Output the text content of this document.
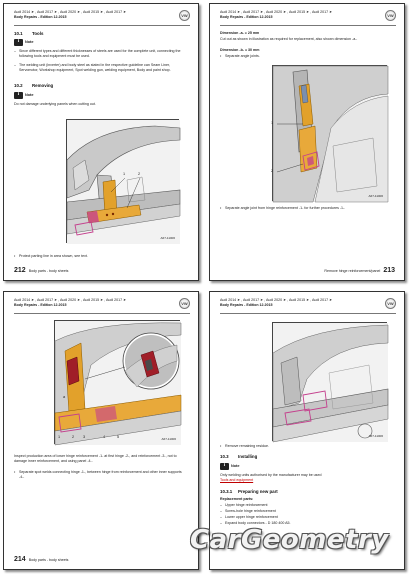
Audi 2014 ➤ , Audi 2017 ➤ , Audi 2020 ➤ , Audi 2015 ➤ , Audi 2017 ➤
Body Repairs - Edition 12.2015
VW
10.1 Tools
i
Note
– Since different types and different thicknesses of steels are used for the complete unit, connecting the following tools and equipment must be used.
– The welding unit (inverter) and body steel as stated in the respective guideline can Seam Liner, Servomotor, Workshop equipment, Spot welding gun, welding equipment, Body and paint shop.
10.2 Removing
i
Note
Do not damage underlying panels when cutting out.
1	2
A67-11006
• Protect parting line in area shown, see text.
212 Body parts - body sheets
Audi 2014 ➤ , Audi 2017 ➤ , Audi 2020 ➤ , Audi 2015 ➤ , Audi 2017 ➤
Body Repairs - Edition 12.2015
VW
Dimension -a- = 25 mm
Cut out as shown in illustration as required for replacement, also shown dimension -a-.
Dimension -b- = 30 mm
• Separate angle joints.
1
2
A67-11006
• Separate angle joint from hinge reinforcement -1- for further procedures -1-.
Remove hinge reinforcement/panel 213
Audi 2014 ➤ , Audi 2017 ➤ , Audi 2020 ➤ , Audi 2015 ➤ , Audi 2017 ➤
Body Repairs - Edition 12.2015
VW
1	2 3	4	5
a
A67-11006
Inspect production area of lower hinge reinforcement -1- at first hinge -2-, and reinforcement -3-, not to damage inner reinforcement, and using panel -4-.
• Separate spot welds connecting hinge -1-, between hinge from reinforcement and other inner supports -4-.
214 Body parts - body sheets
Audi 2014 ➤ , Audi 2017 ➤ , Audi 2020 ➤ , Audi 2015 ➤ , Audi 2017 ➤
Body Repairs - Edition 12.2015
VW
A67-11006
• Remove remaining residue.
10.3 Installing
i
Note
Only welding units authorised by the manufacturer may be used
Tools and equipment
10.3.1 Preparing new part
Replacement parts:
– Upper hinge reinforcement
– Screw-hole hinge reinforcement
– Lower upper hinge reinforcement
– Expand body connectors - D 180 400 A5.
CarGeometry
